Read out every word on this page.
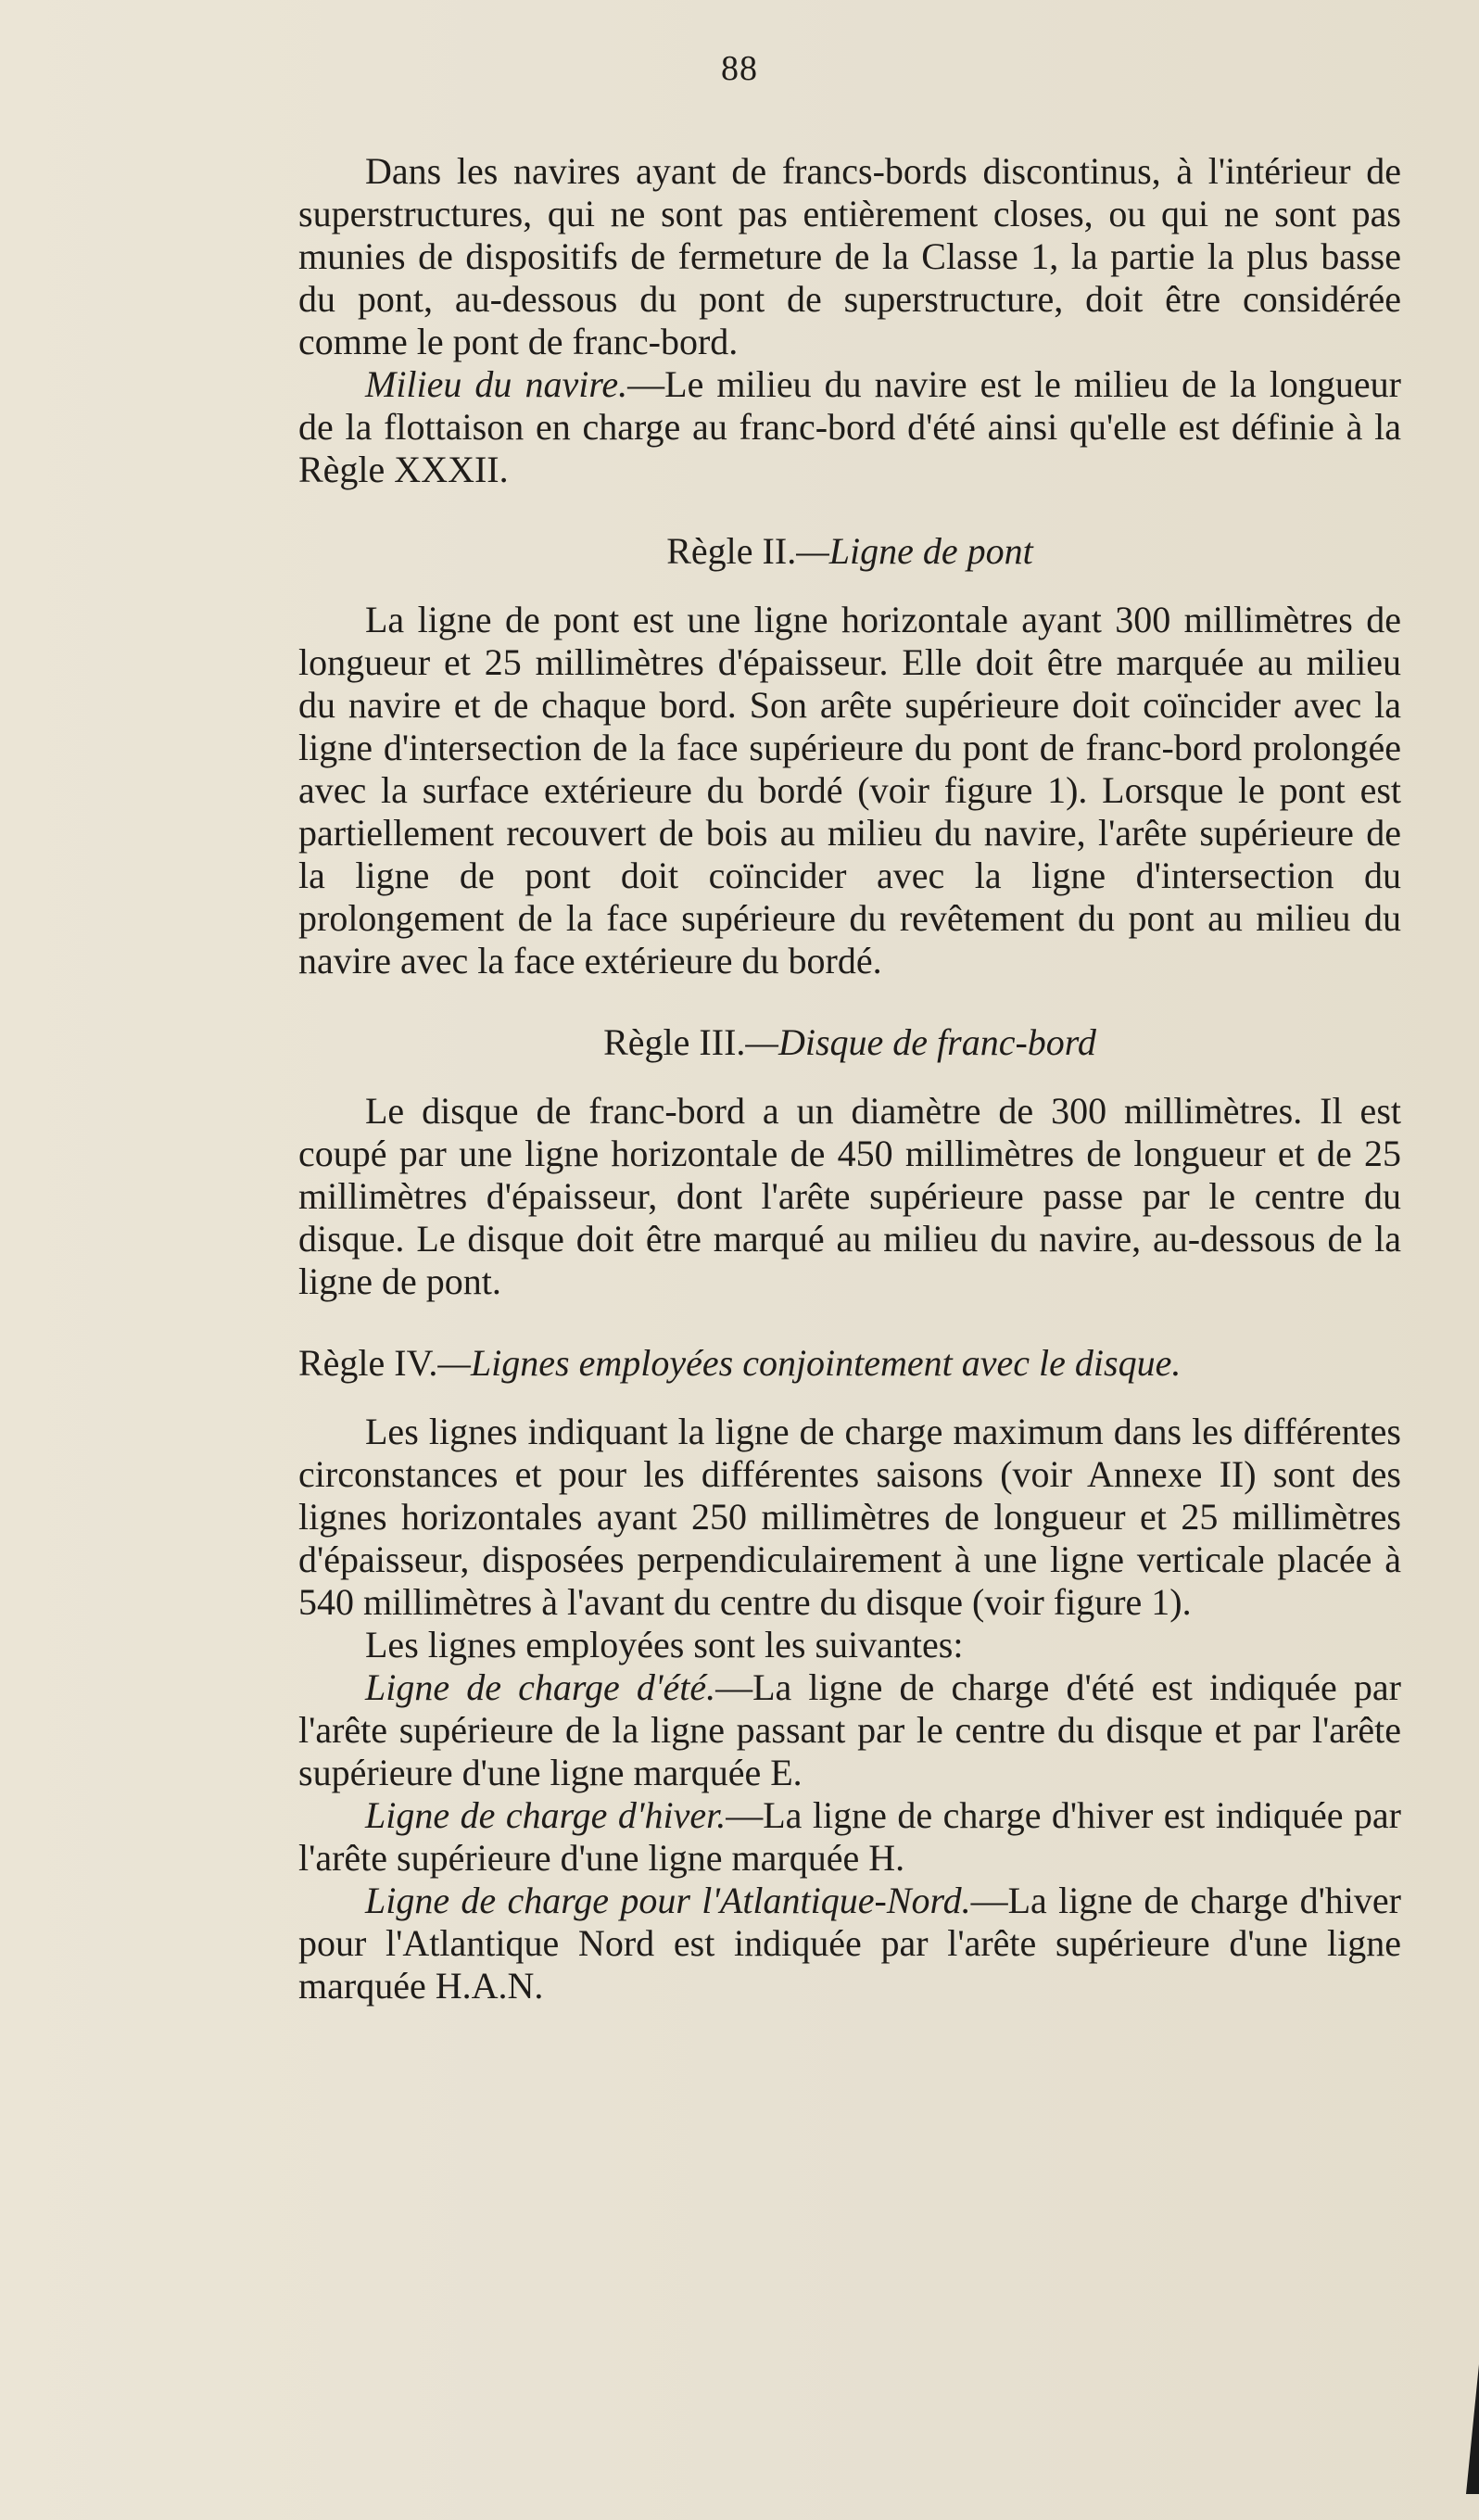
88

Dans les navires ayant de francs-bords discontinus, à l'intérieur de superstructures, qui ne sont pas entièrement closes, ou qui ne sont pas munies de dispositifs de fermeture de la Classe 1, la partie la plus basse du pont, au-dessous du pont de superstructure, doit être considérée comme le pont de franc-bord.

Milieu du navire.—Le milieu du navire est le milieu de la longueur de la flottaison en charge au franc-bord d'été ainsi qu'elle est définie à la Règle XXXII.

Règle II.—Ligne de pont

La ligne de pont est une ligne horizontale ayant 300 millimètres de longueur et 25 millimètres d'épaisseur. Elle doit être marquée au milieu du navire et de chaque bord. Son arête supérieure doit coïncider avec la ligne d'intersection de la face supérieure du pont de franc-bord prolongée avec la surface extérieure du bordé (voir figure 1). Lorsque le pont est partiellement recouvert de bois au milieu du navire, l'arête supérieure de la ligne de pont doit coïncider avec la ligne d'intersection du prolongement de la face supérieure du revêtement du pont au milieu du navire avec la face extérieure du bordé.

Règle III.—Disque de franc-bord

Le disque de franc-bord a un diamètre de 300 millimètres. Il est coupé par une ligne horizontale de 450 millimètres de longueur et de 25 millimètres d'épaisseur, dont l'arête supérieure passe par le centre du disque. Le disque doit être marqué au milieu du navire, au-dessous de la ligne de pont.

Règle IV.—Lignes employées conjointement avec le disque.

Les lignes indiquant la ligne de charge maximum dans les différentes circonstances et pour les différentes saisons (voir Annexe II) sont des lignes horizontales ayant 250 millimètres de longueur et 25 millimètres d'épaisseur, disposées perpendiculairement à une ligne verticale placée à 540 millimètres à l'avant du centre du disque (voir figure 1).

Les lignes employées sont les suivantes:

Ligne de charge d'été.—La ligne de charge d'été est indiquée par l'arête supérieure de la ligne passant par le centre du disque et par l'arête supérieure d'une ligne marquée E.

Ligne de charge d'hiver.—La ligne de charge d'hiver est indiquée par l'arête supérieure d'une ligne marquée H.

Ligne de charge pour l'Atlantique-Nord.—La ligne de charge d'hiver pour l'Atlantique Nord est indiquée par l'arête supérieure d'une ligne marquée H.A.N.
